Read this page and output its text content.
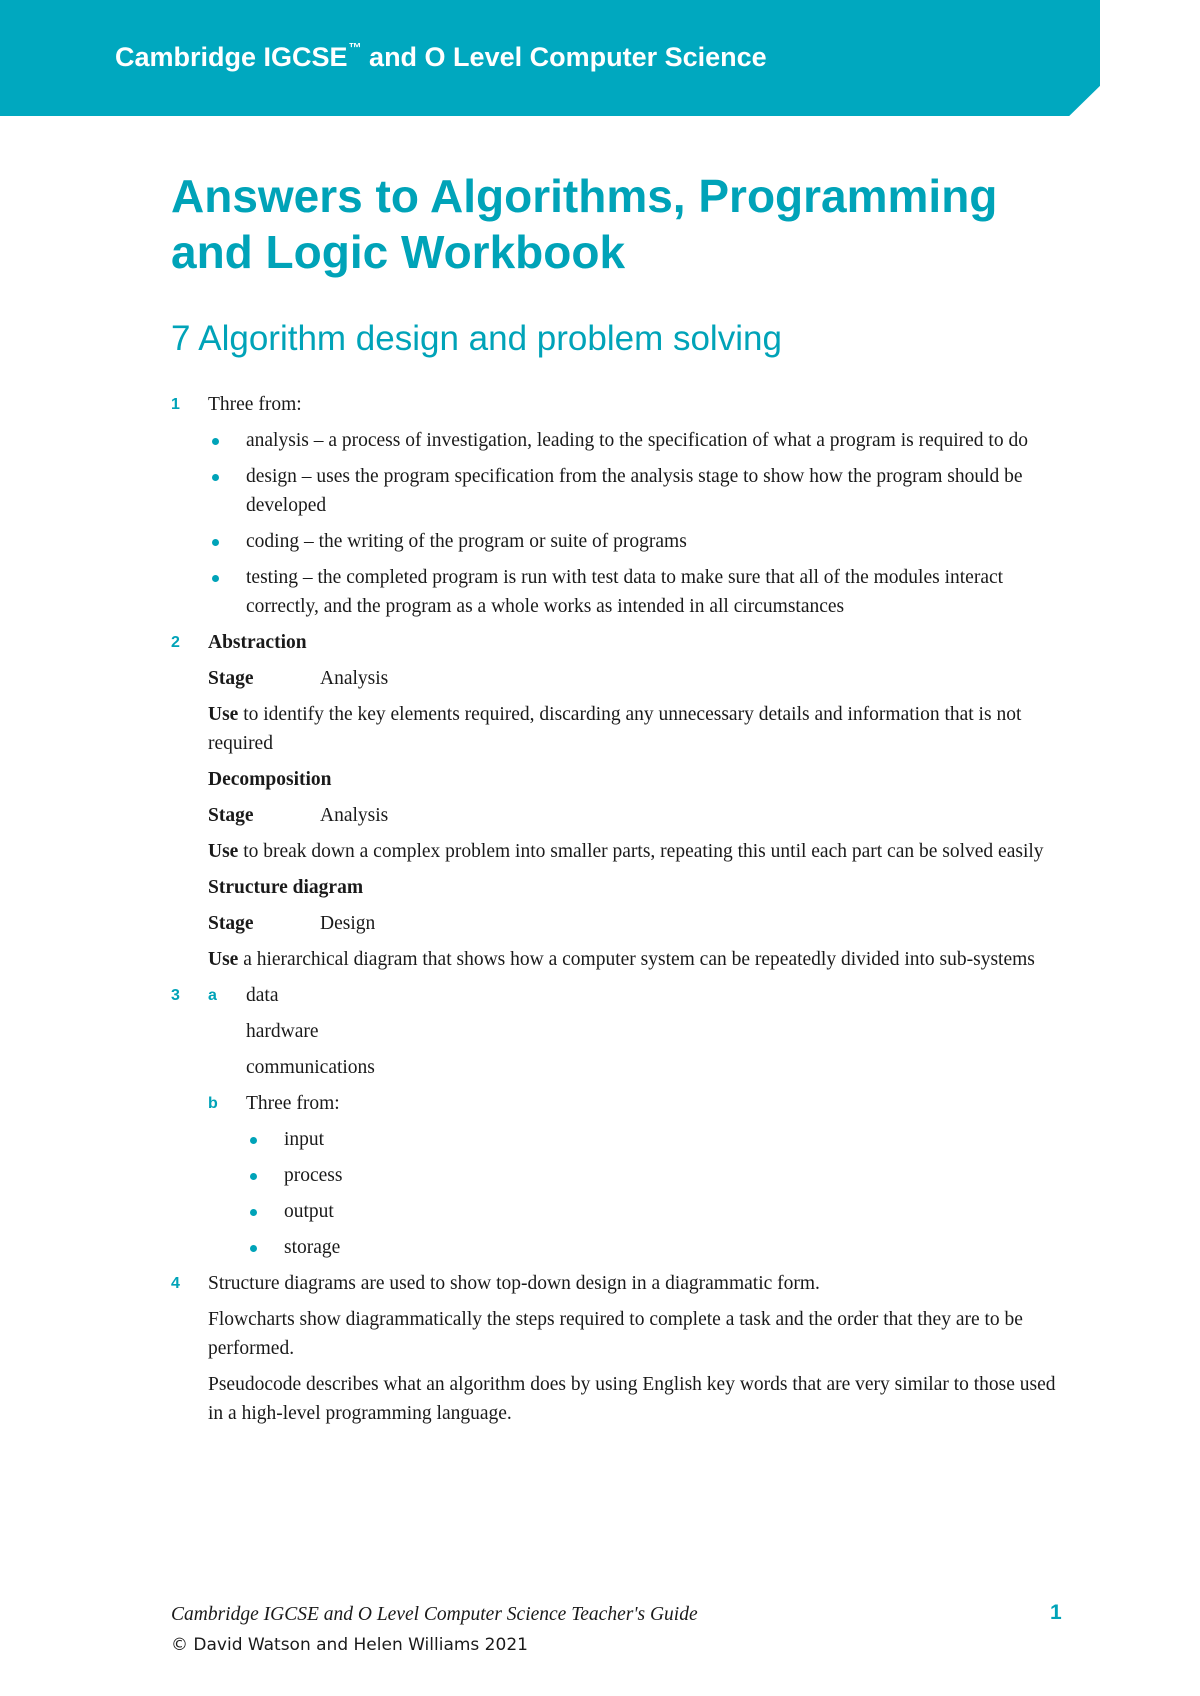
Cambridge IGCSE™ and O Level Computer Science
Answers to Algorithms, Programming
and Logic Workbook
7 Algorithm design and problem solving
1 Three from:
analysis – a process of investigation, leading to the specification of what a program is required to do
design – uses the program specification from the analysis stage to show how the program should be developed
coding – the writing of the program or suite of programs
testing – the completed program is run with test data to make sure that all of the modules interact correctly, and the program as a whole works as intended in all circumstances
2 Abstraction
Stage	Analysis
Use to identify the key elements required, discarding any unnecessary details and information that is not required
Decomposition
Stage	Analysis
Use to break down a complex problem into smaller parts, repeating this until each part can be solved easily
Structure diagram
Stage	Design
Use a hierarchical diagram that shows how a computer system can be repeatedly divided into sub-systems
3 a data
hardware
communications
b Three from:
input
process
output
storage
4 Structure diagrams are used to show top-down design in a diagrammatic form.
Flowcharts show diagrammatically the steps required to complete a task and the order that they are to be performed.
Pseudocode describes what an algorithm does by using English key words that are very similar to those used in a high-level programming language.
Cambridge IGCSE and O Level Computer Science Teacher's Guide
© David Watson and Helen Williams 2021
1
